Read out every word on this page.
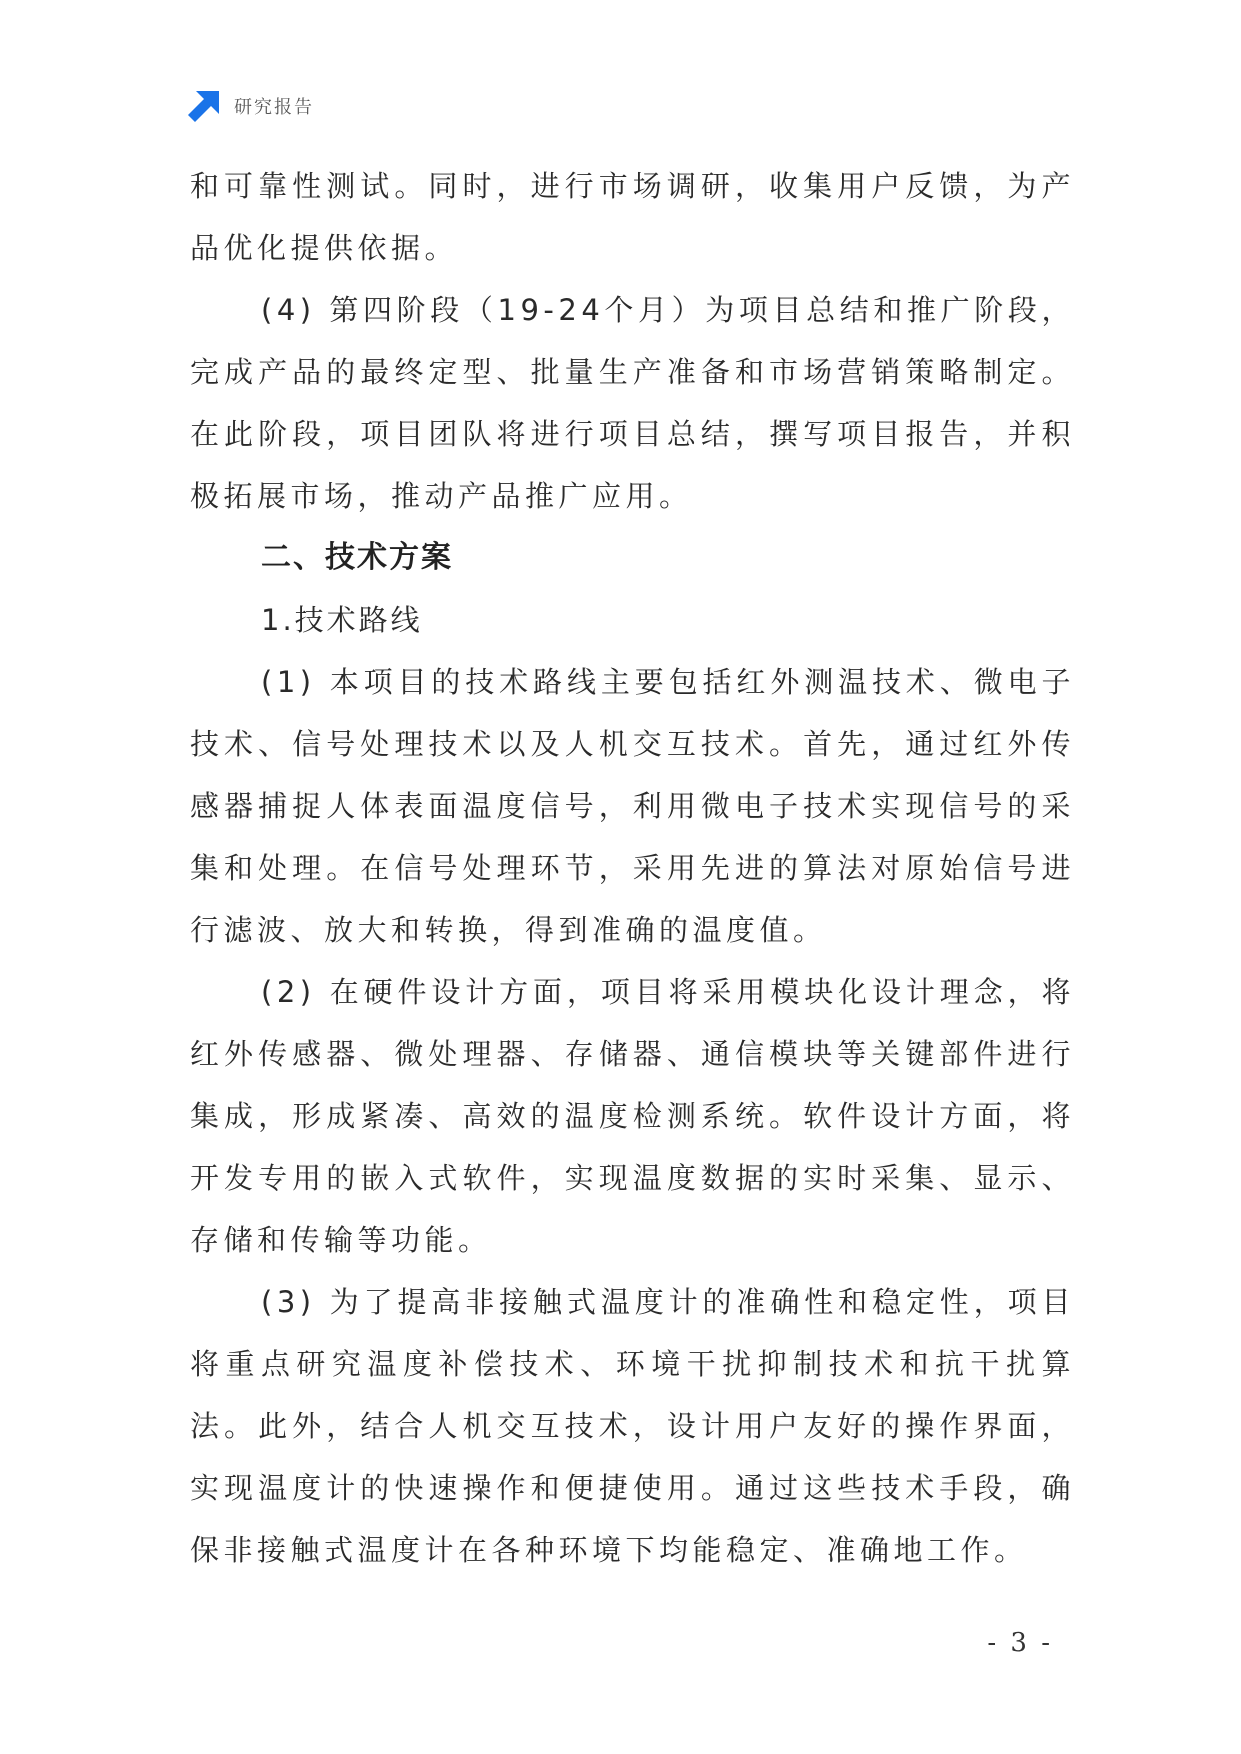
研究报告

和可靠性测试。同时，进行市场调研，收集用户反馈，为产品优化提供依据。

(4) 第四阶段（19-24个月）为项目总结和推广阶段，完成产品的最终定型、批量生产准备和市场营销策略制定。在此阶段，项目团队将进行项目总结，撰写项目报告，并积极拓展市场，推动产品推广应用。

二、技术方案

1.技术路线

(1) 本项目的技术路线主要包括红外测温技术、微电子技术、信号处理技术以及人机交互技术。首先，通过红外传感器捕捉人体表面温度信号，利用微电子技术实现信号的采集和处理。在信号处理环节，采用先进的算法对原始信号进行滤波、放大和转换，得到准确的温度值。

(2) 在硬件设计方面，项目将采用模块化设计理念，将红外传感器、微处理器、存储器、通信模块等关键部件进行集成，形成紧凑、高效的温度检测系统。软件设计方面，将开发专用的嵌入式软件，实现温度数据的实时采集、显示、存储和传输等功能。

(3) 为了提高非接触式温度计的准确性和稳定性，项目将重点研究温度补偿技术、环境干扰抑制技术和抗干扰算法。此外，结合人机交互技术，设计用户友好的操作界面，实现温度计的快速操作和便捷使用。通过这些技术手段，确保非接触式温度计在各种环境下均能稳定、准确地工作。

- 3 -
